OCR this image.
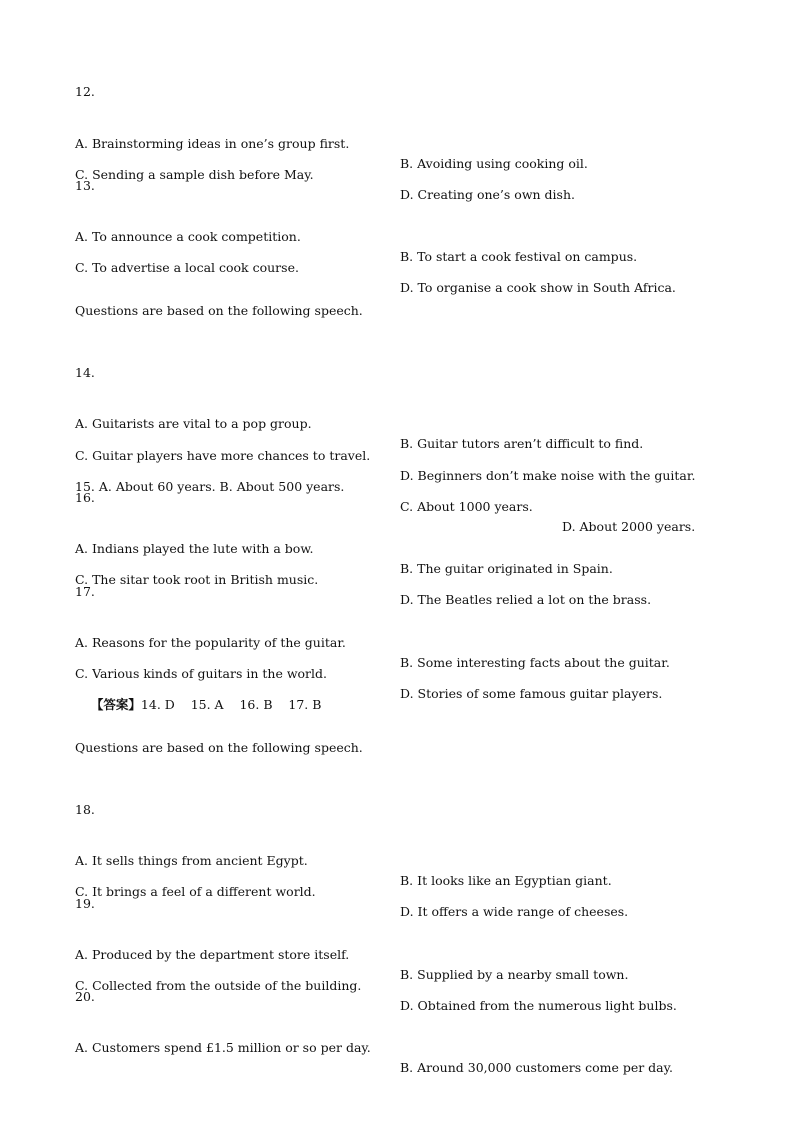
12.

A. Brainstorming ideas in one’s group first.

B. Avoiding using cooking oil.

C. Sending a sample dish before May.

D. Creating one’s own dish.

13.

A. To announce a cook competition.

B. To start a cook festival on campus.

C. To advertise a local cook course.

D. To organise a cook show in South Africa.

Questions are based on the following speech.
14.

A. Guitarists are vital to a pop group.

B. Guitar tutors aren’t difficult to find.

C. Guitar players have more chances to travel.

D. Beginners don’t make noise with the guitar.

15. A. About 60 years. B. About 500 years.

C. About 1000 years.

D. About 2000 years.

16.

A. Indians played the lute with a bow.

B. The guitar originated in Spain.

C. The sitar took root in British music.

D. The Beatles relied a lot on the brass.

17.

A. Reasons for the popularity of the guitar.

B. Some interesting facts about the guitar.

C. Various kinds of guitars in the world.

D. Stories of some famous guitar players.

【答案】14. D    15. A    16. B    17. B

Questions are based on the following speech.
18.

A. It sells things from ancient Egypt.

B. It looks like an Egyptian giant.

C. It brings a feel of a different world.

D. It offers a wide range of cheeses.

19.

A. Produced by the department store itself.

B. Supplied by a nearby small town.

C. Collected from the outside of the building.

D. Obtained from the numerous light bulbs.

20.

A. Customers spend £1.5 million or so per day.

B. Around 30,000 customers come per day.
